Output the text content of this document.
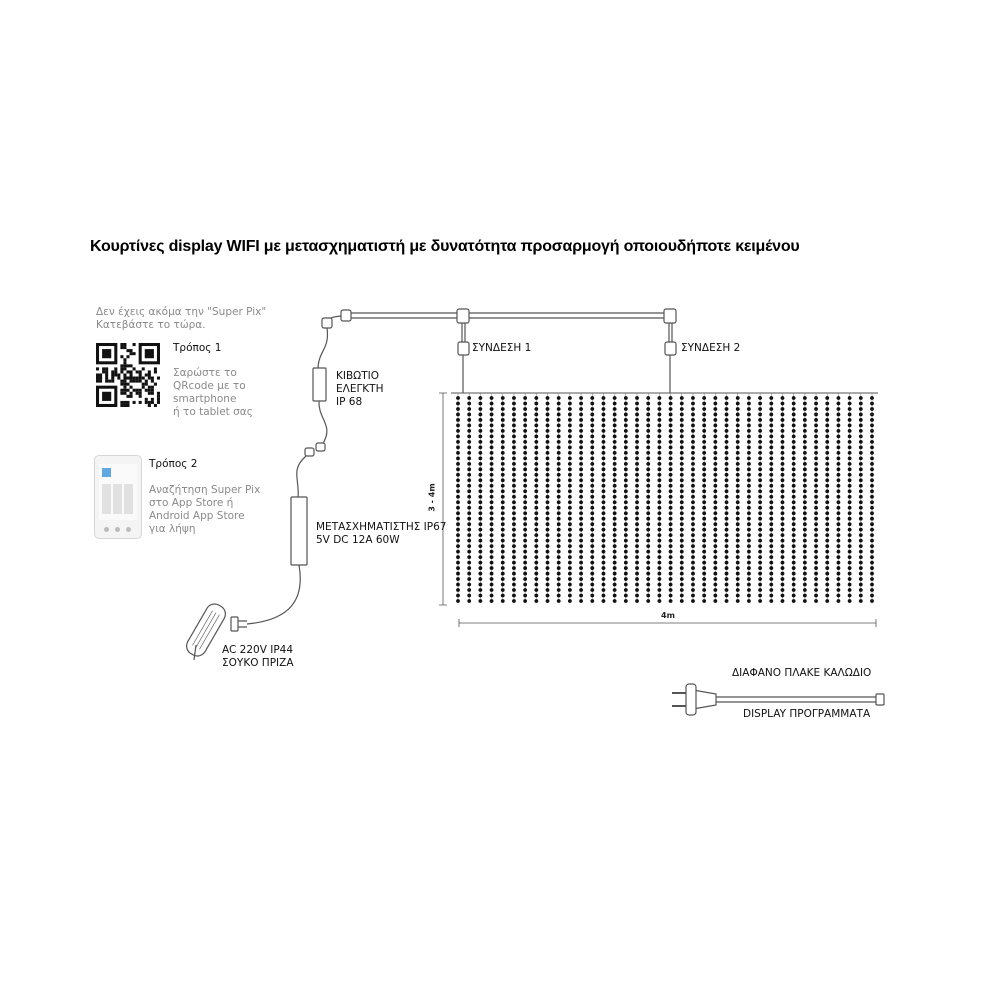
Κουρτίνες display WIFI με μετασχηματιστή με δυνατότητα προσαρμογή οποιουδήποτε κειμένου
Δεν έχεις ακόμα την "Super Pix"
Κατεβάστε το τώρα.
Τρόπος 1
Σαρώστε το
QRcode με το
smartphone
ή το tablet σας
Τρόπος 2
Αναζήτηση Super Pix
στο App Store ή
Android App Store
για λήψη
ΣΥΝΔΕΣΗ 1	ΣΥΝΔΕΣΗ 2
ΚΙΒΩΤΙΟ
ΕΛΕΓΚΤΗ
IP 68
ΜΕΤΑΣΧΗΜΑΤΙΣΤΗΣ IP67
5V DC 12A 60W
AC 220V IP44
ΣΟΥΚΟ ΠΡΙΖΑ
3 - 4m
4m
ΔΙΑΦΑΝΟ ΠΛΑΚΕ ΚΑΛΩΔΙΟ
DISPLAY ΠΡΟΓΡΑΜΜΑΤΑ
